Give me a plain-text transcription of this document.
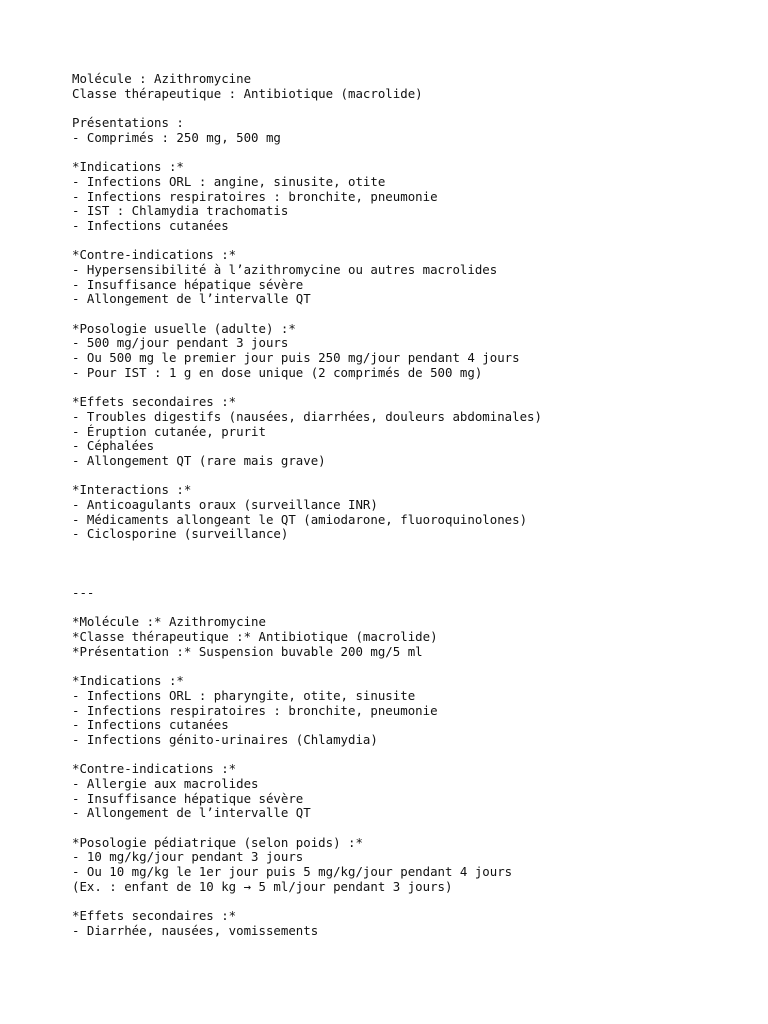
Molécule : Azithromycine
Classe thérapeutique : Antibiotique (macrolide)
Présentations :
- Comprimés : 250 mg, 500 mg
*Indications :*
- Infections ORL : angine, sinusite, otite
- Infections respiratoires : bronchite, pneumonie
- IST : Chlamydia trachomatis
- Infections cutanées
*Contre-indications :*
- Hypersensibilité à l’azithromycine ou autres macrolides
- Insuffisance hépatique sévère
- Allongement de l’intervalle QT
*Posologie usuelle (adulte) :*
- 500 mg/jour pendant 3 jours
- Ou 500 mg le premier jour puis 250 mg/jour pendant 4 jours
- Pour IST : 1 g en dose unique (2 comprimés de 500 mg)
*Effets secondaires :*
- Troubles digestifs (nausées, diarrhées, douleurs abdominales)
- Éruption cutanée, prurit
- Céphalées
- Allongement QT (rare mais grave)
*Interactions :*
- Anticoagulants oraux (surveillance INR)
- Médicaments allongeant le QT (amiodarone, fluoroquinolones)
- Ciclosporine (surveillance)
---
*Molécule :* Azithromycine
*Classe thérapeutique :* Antibiotique (macrolide)
*Présentation :* Suspension buvable 200 mg/5 ml
*Indications :*
- Infections ORL : pharyngite, otite, sinusite
- Infections respiratoires : bronchite, pneumonie
- Infections cutanées
- Infections génito-urinaires (Chlamydia)
*Contre-indications :*
- Allergie aux macrolides
- Insuffisance hépatique sévère
- Allongement de l’intervalle QT
*Posologie pédiatrique (selon poids) :*
- 10 mg/kg/jour pendant 3 jours
- Ou 10 mg/kg le 1er jour puis 5 mg/kg/jour pendant 4 jours
(Ex. : enfant de 10 kg → 5 ml/jour pendant 3 jours)
*Effets secondaires :*
- Diarrhée, nausées, vomissements
